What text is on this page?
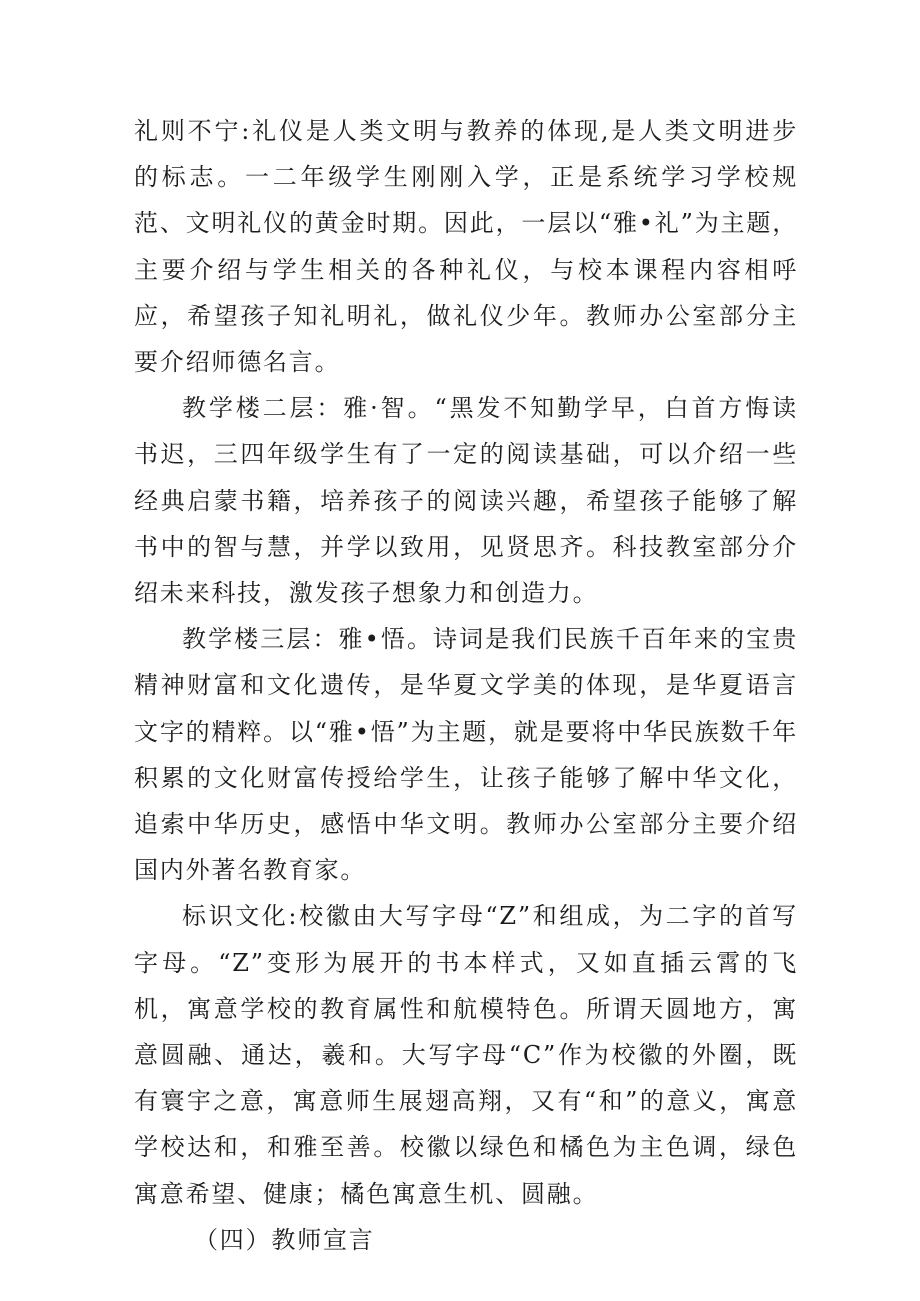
礼则不宁:礼仪是人类文明与教养的体现,是人类文明进步的标志。一二年级学生刚刚入学，正是系统学习学校规范、文明礼仪的黄金时期。因此，一层以“雅•礼”为主题，主要介绍与学生相关的各种礼仪，与校本课程内容相呼应，希望孩子知礼明礼，做礼仪少年。教师办公室部分主要介绍师德名言。

教学楼二层：雅·智。“黑发不知勤学早，白首方悔读书迟，三四年级学生有了一定的阅读基础，可以介绍一些经典启蒙书籍，培养孩子的阅读兴趣，希望孩子能够了解书中的智与慧，并学以致用，见贤思齐。科技教室部分介绍未来科技，激发孩子想象力和创造力。

教学楼三层：雅•悟。诗词是我们民族千百年来的宝贵精神财富和文化遗传，是华夏文学美的体现，是华夏语言文字的精粹。以“雅•悟”为主题，就是要将中华民族数千年积累的文化财富传授给学生，让孩子能够了解中华文化，追索中华历史，感悟中华文明。教师办公室部分主要介绍国内外著名教育家。

标识文化:校徽由大写字母“Z”和组成，为二字的首写字母。“Z”变形为展开的书本样式，又如直插云霄的飞机，寓意学校的教育属性和航模特色。所谓天圆地方，寓意圆融、通达，羲和。大写字母“C”作为校徽的外圈，既有寰宇之意，寓意师生展翅高翔，又有“和”的意义，寓意学校达和，和雅至善。校徽以绿色和橘色为主色调，绿色寓意希望、健康；橘色寓意生机、圆融。

（四）教师宣言
